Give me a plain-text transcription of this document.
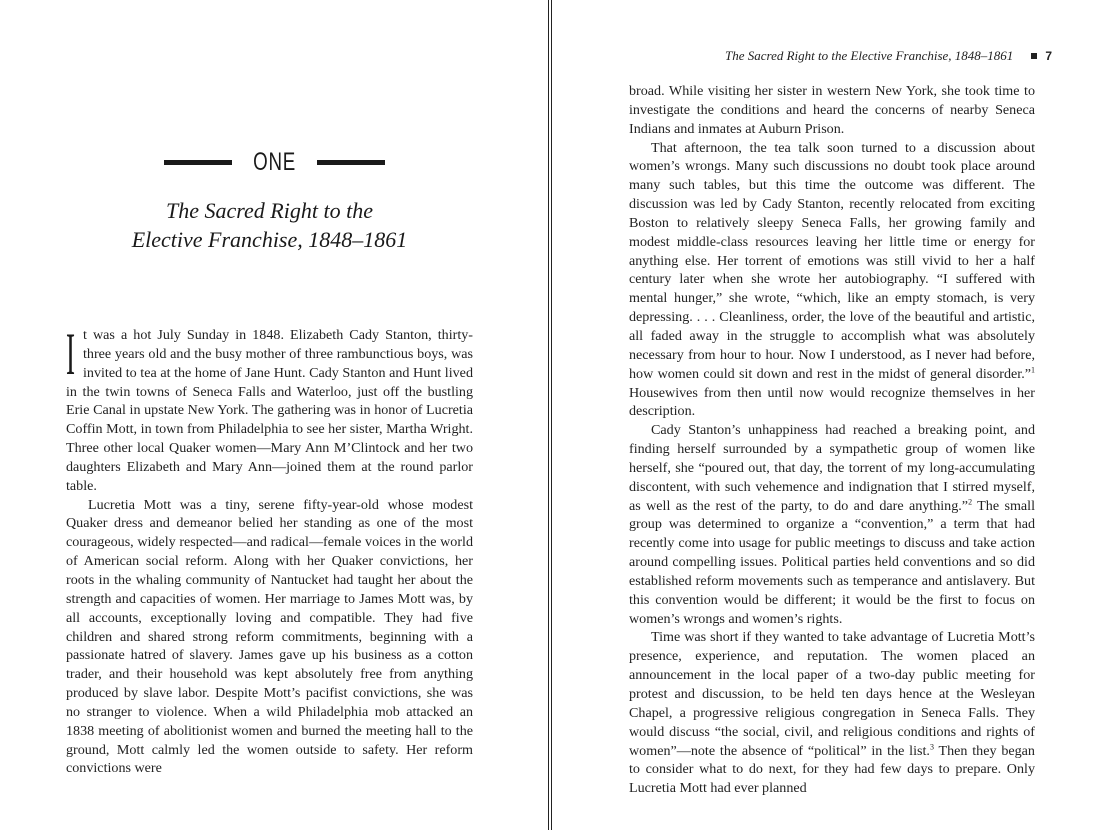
ONE
The Sacred Right to the
Elective Franchise, 1848–1861

It was a hot July Sunday in 1848. Elizabeth Cady Stanton, thirty-three years old and the busy mother of three rambunctious boys, was invited to tea at the home of Jane Hunt. Cady Stanton and Hunt lived in the twin towns of Seneca Falls and Waterloo, just off the bustling Erie Canal in upstate New York. The gathering was in honor of Lucretia Coffin Mott, in town from Philadelphia to see her sister, Martha Wright. Three other local Quaker women—Mary Ann M’Clintock and her two daughters Elizabeth and Mary Ann—joined them at the round parlor table.

Lucretia Mott was a tiny, serene fifty-year-old whose modest Quaker dress and demeanor belied her standing as one of the most courageous, widely respected—and radical—female voices in the world of American social reform. Along with her Quaker convictions, her roots in the whaling community of Nantucket had taught her about the strength and capacities of women. Her marriage to James Mott was, by all accounts, exceptionally loving and compatible. They had five children and shared strong reform commitments, beginning with a passionate hatred of slavery. James gave up his business as a cotton trader, and their household was kept absolutely free from anything produced by slave labor. Despite Mott’s pacifist convictions, she was no stranger to violence. When a wild Philadelphia mob attacked an 1838 meeting of abolitionist women and burned the meeting hall to the ground, Mott calmly led the women outside to safety. Her reform convictions were

The Sacred Right to the Elective Franchise, 1848–1861	7

broad. While visiting her sister in western New York, she took time to investigate the conditions and heard the concerns of nearby Seneca Indians and inmates at Auburn Prison.

That afternoon, the tea talk soon turned to a discussion about women’s wrongs. Many such discussions no doubt took place around many such tables, but this time the outcome was different. The discussion was led by Cady Stanton, recently relocated from exciting Boston to relatively sleepy Seneca Falls, her growing family and modest middle-class resources leaving her little time or energy for anything else. Her torrent of emotions was still vivid to her a half century later when she wrote her autobiography. “I suffered with mental hunger,” she wrote, “which, like an empty stomach, is very depressing. . . . Cleanliness, order, the love of the beautiful and artistic, all faded away in the struggle to accomplish what was absolutely necessary from hour to hour. Now I understood, as I never had before, how women could sit down and rest in the midst of general disorder.”$^1$ Housewives from then until now would recognize themselves in her description.

Cady Stanton’s unhappiness had reached a breaking point, and finding herself surrounded by a sympathetic group of women like herself, she “poured out, that day, the torrent of my long-accumulating discontent, with such vehemence and indignation that I stirred myself, as well as the rest of the party, to do and dare anything.”$^2$ The small group was determined to organize a “convention,” a term that had recently come into usage for public meetings to discuss and take action around compelling issues. Political parties held conventions and so did established reform movements such as temperance and antislavery. But this convention would be different; it would be the first to focus on women’s wrongs and women’s rights.

Time was short if they wanted to take advantage of Lucretia Mott’s presence, experience, and reputation. The women placed an announcement in the local paper of a two-day public meeting for protest and discussion, to be held ten days hence at the Wesleyan Chapel, a progressive religious congregation in Seneca Falls. They would discuss “the social, civil, and religious conditions and rights of women”—note the absence of “political” in the list.$^3$ Then they began to consider what to do next, for they had few days to prepare. Only Lucretia Mott had ever planned
